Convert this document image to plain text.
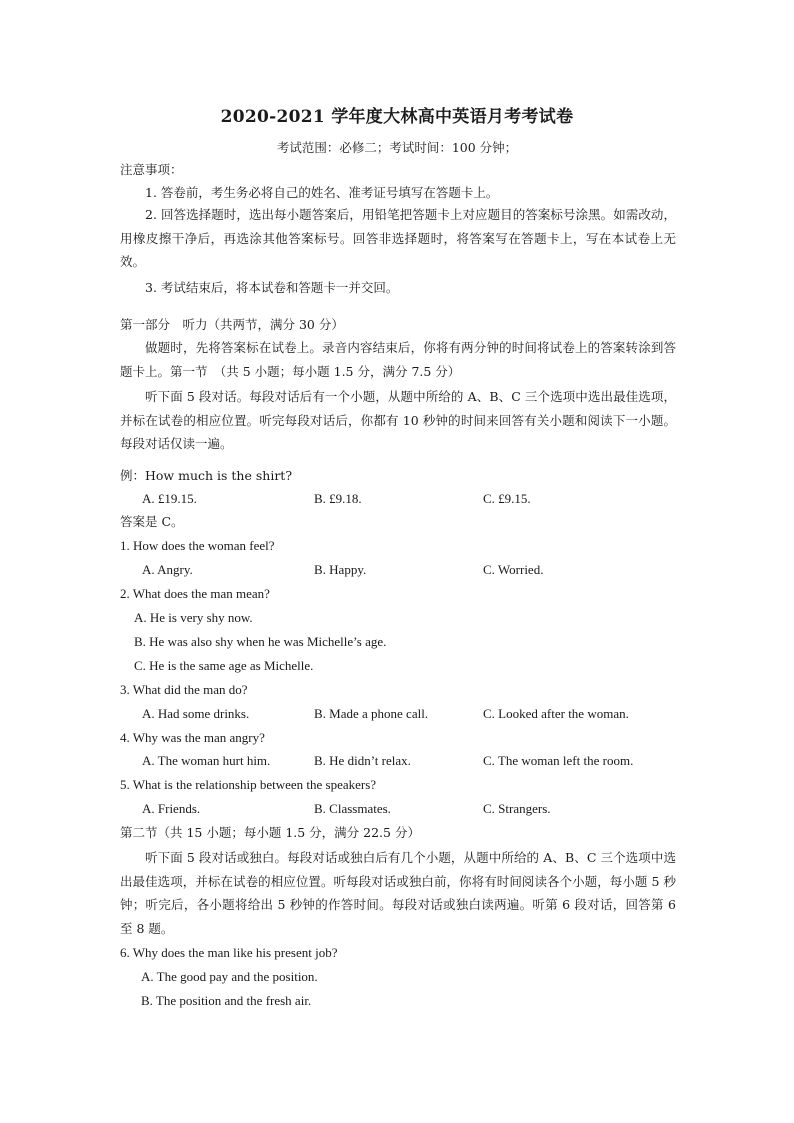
2020-2021 学年度大林高中英语月考考试卷
考试范围：必修二；考试时间：100 分钟；
注意事项：
1. 答卷前，考生务必将自己的姓名、准考证号填写在答题卡上。
2. 回答选择题时，选出每小题答案后，用铅笔把答题卡上对应题目的答案标号涂黑。如需改动，用橡皮擦干净后，再选涂其他答案标号。回答非选择题时，将答案写在答题卡上，写在本试卷上无效。
3. 考试结束后，将本试卷和答题卡一并交回。
第一部分　听力（共两节，满分 30 分）
做题时，先将答案标在试卷上。录音内容结束后，你将有两分钟的时间将试卷上的答案转涂到答题卡上。第一节　（共 5 小题；每小题 1.5 分，满分 7.5 分）
听下面 5 段对话。每段对话后有一个小题，从题中所给的 A、B、C 三个选项中选出最佳选项，并标在试卷的相应位置。听完每段对话后，你都有 10 秒钟的时间来回答有关小题和阅读下一小题。每段对话仅读一遍。
例：How much is the shirt?
A. £19.15.	B. £9.18.	C. £9.15.
答案是 C。
1. How does the woman feel?
A. Angry.	B. Happy.	C. Worried.
2. What does the man mean?
A. He is very shy now.
B. He was also shy when he was Michelle’s age.
C. He is the same age as Michelle.
3. What did the man do?
A. Had some drinks.	B. Made a phone call.	C. Looked after the woman.
4. Why was the man angry?
A. The woman hurt him.	B. He didn’t relax.	C. The woman left the room.
5. What is the relationship between the speakers?
A. Friends.	B. Classmates.	C. Strangers.
第二节（共 15 小题；每小题 1.5 分，满分 22.5 分）
听下面 5 段对话或独白。每段对话或独白后有几个小题，从题中所给的 A、B、C 三个选项中选出最佳选项，并标在试卷的相应位置。听每段对话或独白前，你将有时间阅读各个小题，每小题 5 秒钟；听完后，各小题将给出 5 秒钟的作答时间。每段对话或独白读两遍。听第 6 段对话，回答第 6 至 8 题。
6. Why does the man like his present job?
A. The good pay and the position.
B. The position and the fresh air.
